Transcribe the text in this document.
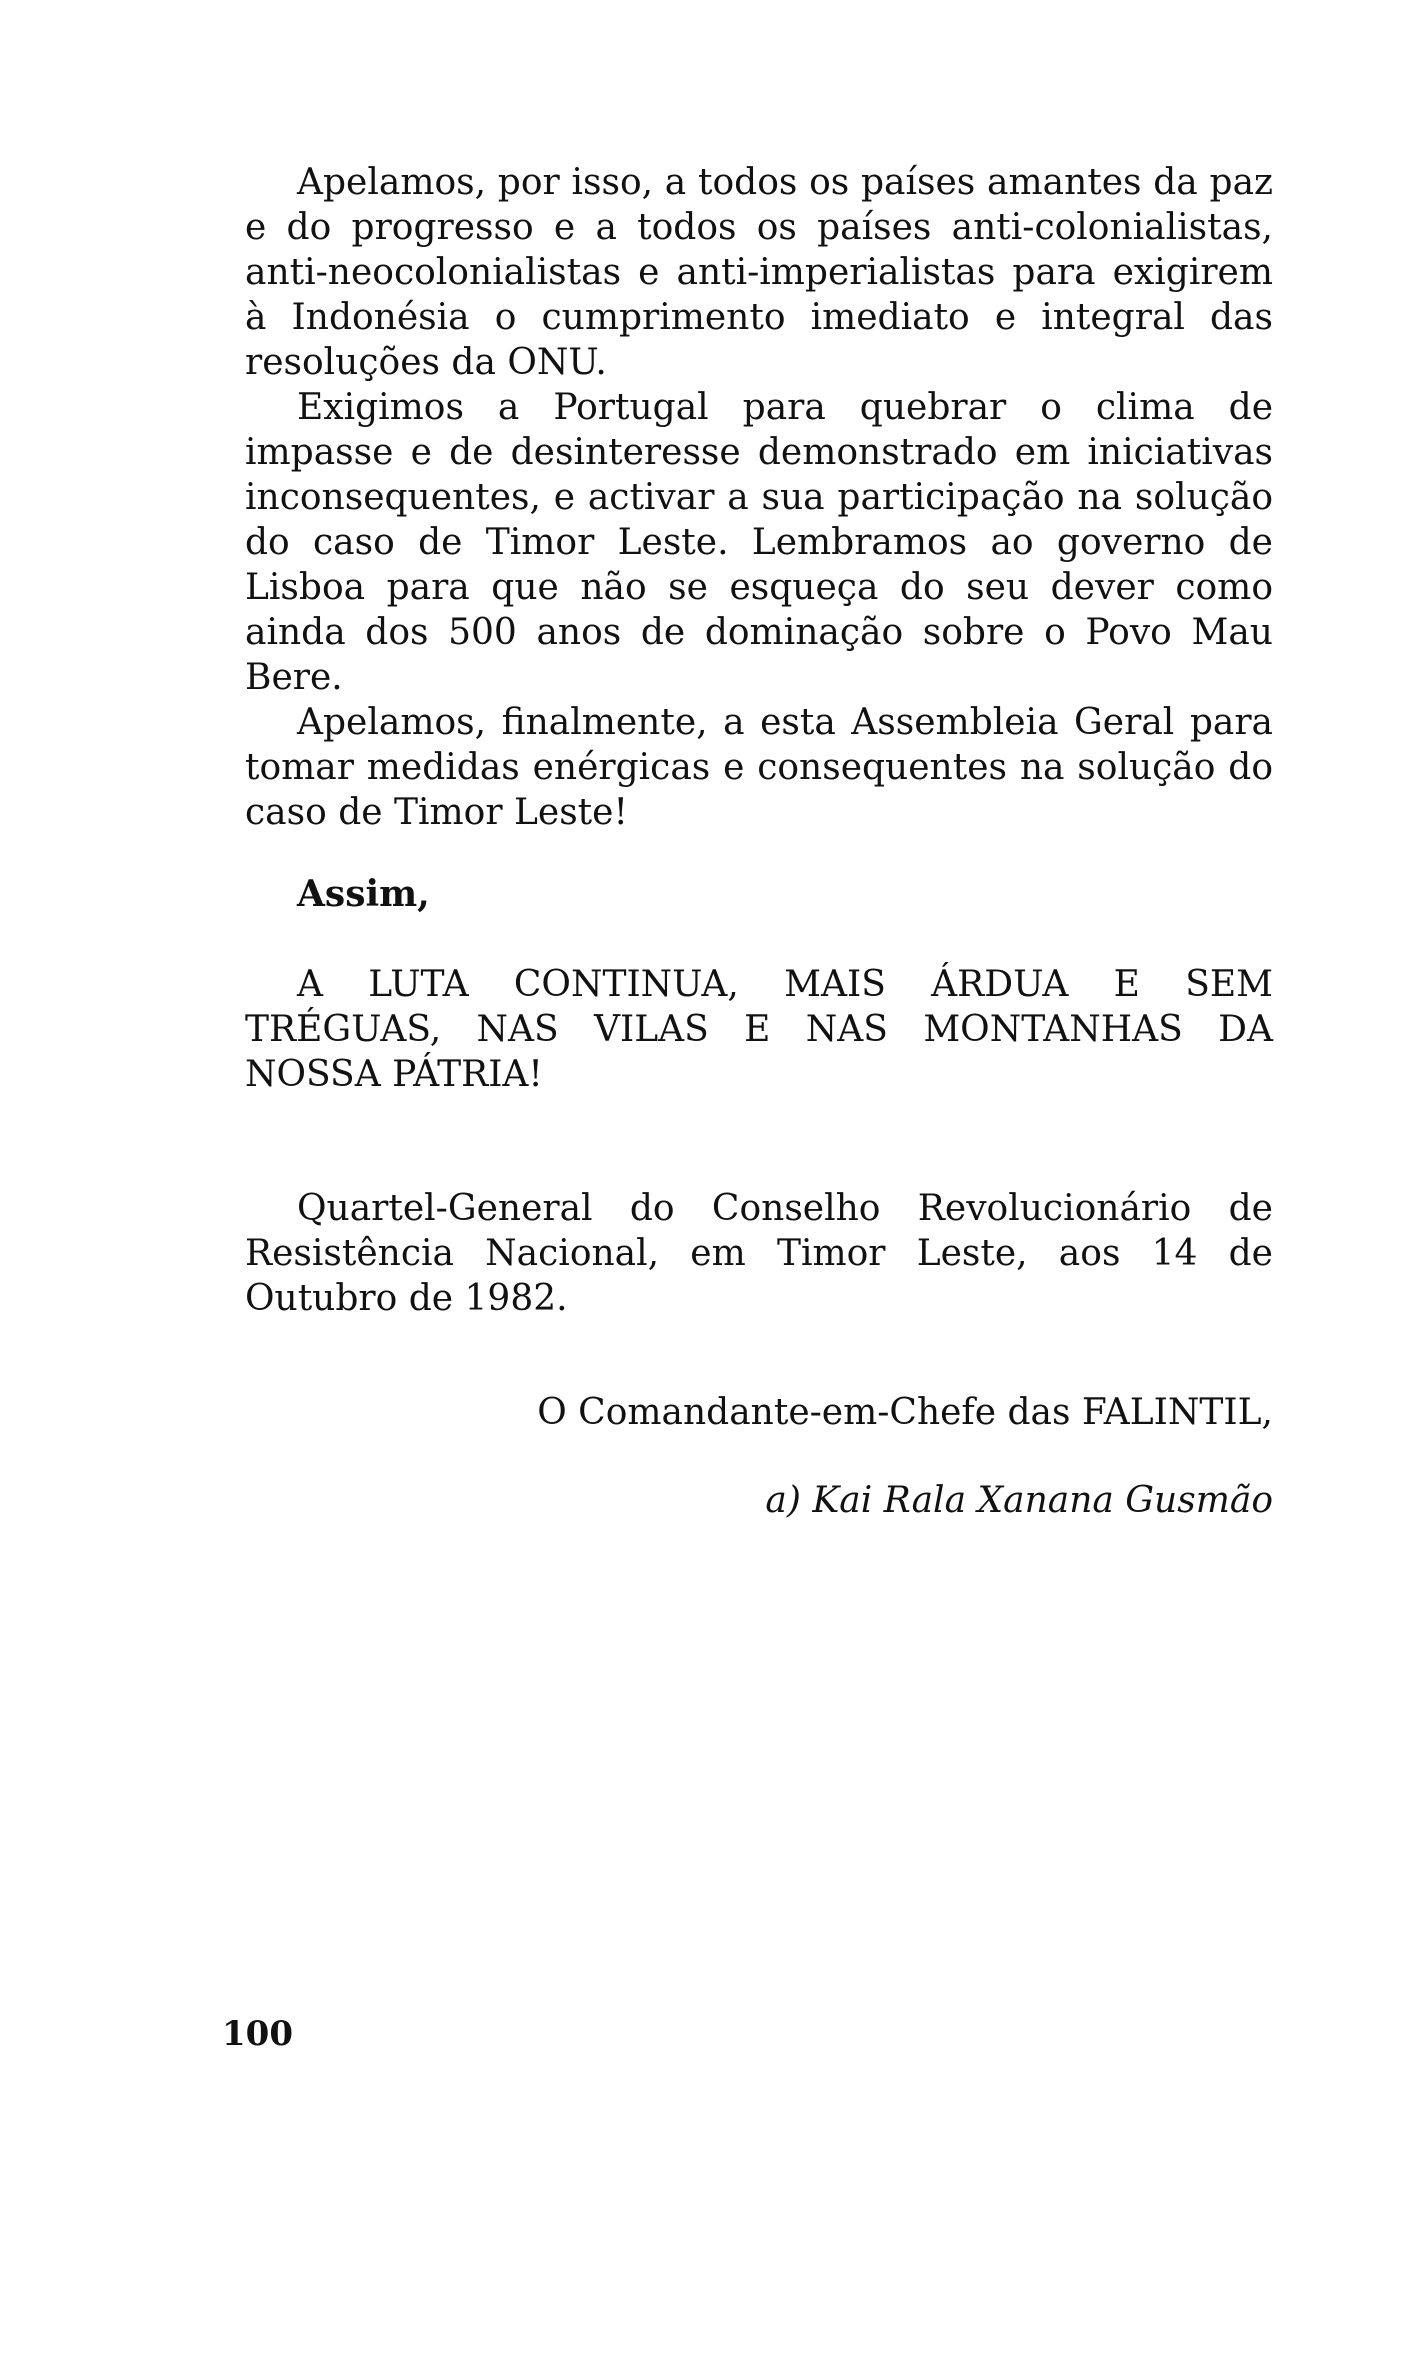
Apelamos, por isso, a todos os países amantes da paz e do progresso e a todos os países anti-colonialistas, anti-neocolonialistas e anti-imperialistas para exigirem à Indonésia o cumprimento imediato e integral das resoluções da ONU.

Exigimos a Portugal para quebrar o clima de impasse e de desinteresse demonstrado em iniciativas inconsequentes, e activar a sua participação na solução do caso de Timor Leste. Lembramos ao governo de Lisboa para que não se esqueça do seu dever como ainda dos 500 anos de dominação sobre o Povo Mau Bere.

Apelamos, finalmente, a esta Assembleia Geral para tomar medidas enérgicas e consequentes na solução do caso de Timor Leste!

Assim,

A LUTA CONTINUA, MAIS ÁRDUA E SEM TRÉGUAS, NAS VILAS E NAS MONTANHAS DA NOSSA PÁTRIA!

Quartel-General do Conselho Revolucionário de Resistência Nacional, em Timor Leste, aos 14 de Outubro de 1982.

O Comandante-em-Chefe das FALINTIL,

a) Kai Rala Xanana Gusmão

100
